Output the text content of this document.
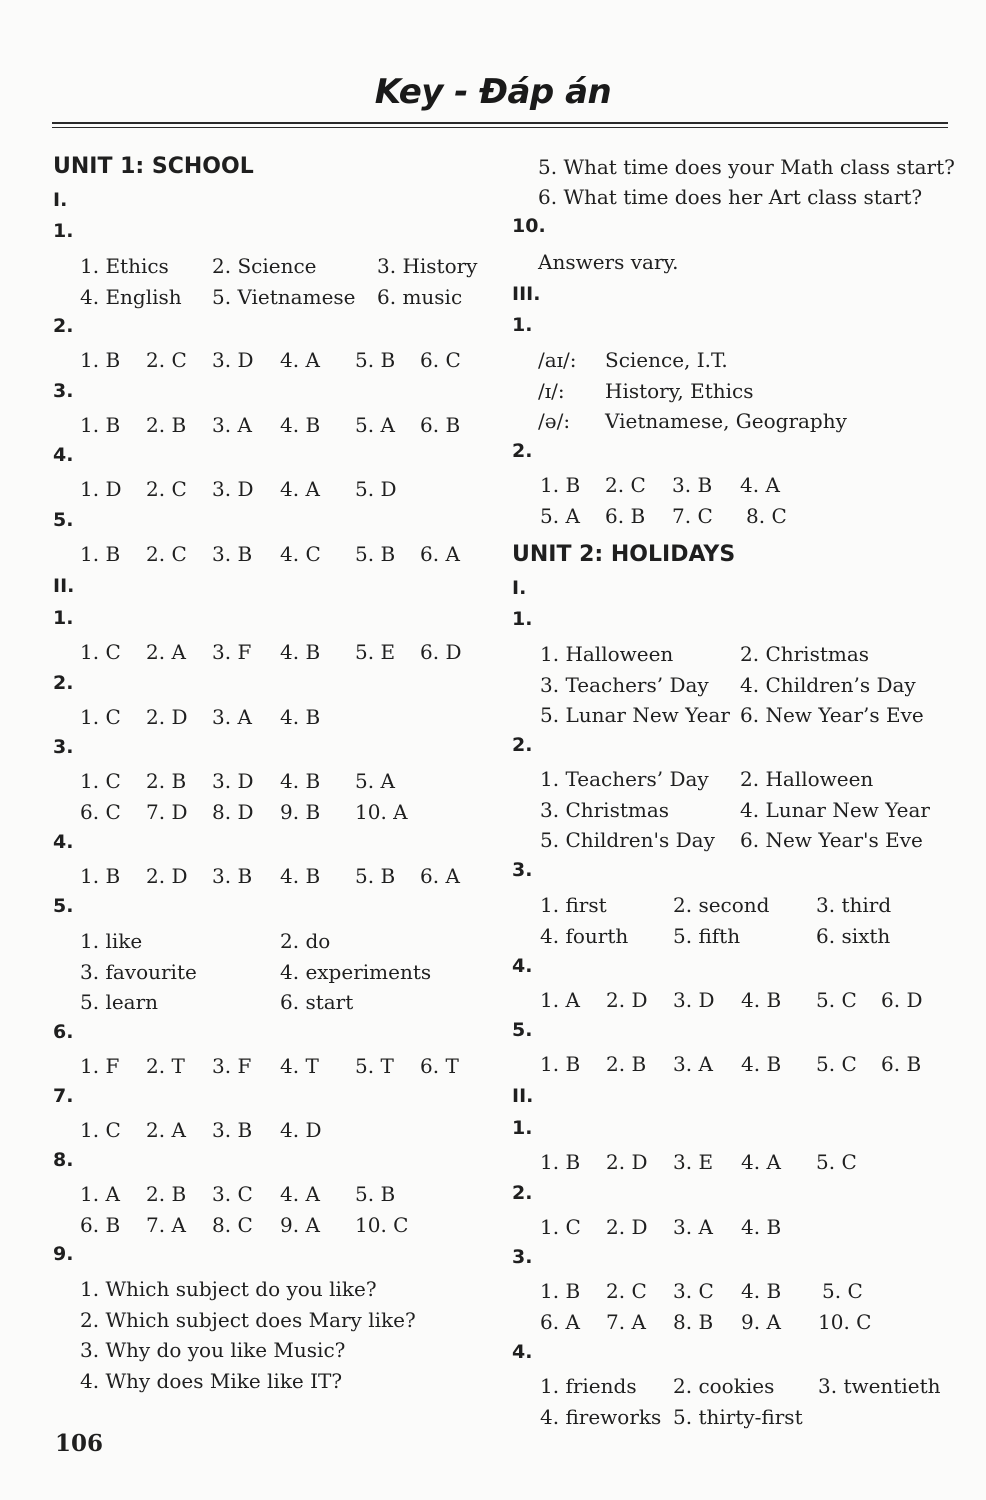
Key - Đáp án
UNIT 1: SCHOOL
I.
1.
1. Ethics 2. Science	3. History
4. English 5. Vietnamese 6. music
2.
1. B 2. C 3. D 4. A 5. B 6. C
3.
1. B 2. B 3. A 4. B 5. A 6. B
4.
1. D 2. C 3. D 4. A 5. D
5.
1. B 2. C 3. B 4. C 5. B 6. A
II.
1.
1. C 2. A 3. F 4. B 5. E 6. D
2.
1. C 2. D 3. A 4. B
3.
1. C 2. B 3. D 4. B 5. A
6. C 7. D 8. D 9. B 10. A
4.
1. B 2. D 3. B 4. B 5. B 6. A
5.
1. like	2. do
3. favourite	4. experiments
5. learn	6. start
6.
1. F 2. T 3. F 4. T 5. T 6. T
7.
1. C 2. A 3. B 4. D
8.
1. A 2. B 3. C 4. A 5. B
6. B 7. A 8. C 9. A 10. C
9.
1. Which subject do you like?
2. Which subject does Mary like?
3. Why do you like Music?
4. Why does Mike like IT?
106
5. What time does your Math class start?
6. What time does her Art class start?
10.
Answers vary.
III.
1.
/aɪ/: Science, I.T.
/ɪ/: History, Ethics
/ə/: Vietnamese, Geography
2.
1. B 2. C 3. B 4. A
5. A 6. B 7. C 8. C
UNIT 2: HOLIDAYS
I.
1.
1. Halloween	2. Christmas
3. Teachers’ Day 4. Children’s Day
5. Lunar New Year 6. New Year’s Eve
2.
1. Teachers’ Day 2. Halloween
3. Christmas	4. Lunar New Year
5. Children's Day 6. New Year's Eve
3.
1. first	2. second 3. third
4. fourth 5. fifth	6. sixth
4.
1. A 2. D 3. D 4. B 5. C 6. D
5.
1. B 2. B 3. A 4. B 5. C 6. B
II.
1.
1. B 2. D 3. E 4. A 5. C
2.
1. C 2. D 3. A 4. B
3.
1. B 2. C 3. C 4. B 5. C
6. A 7. A 8. B 9. A 10. C
4.
1. friends 2. cookies 3. twentieth
4. fireworks 5. thirty-first
